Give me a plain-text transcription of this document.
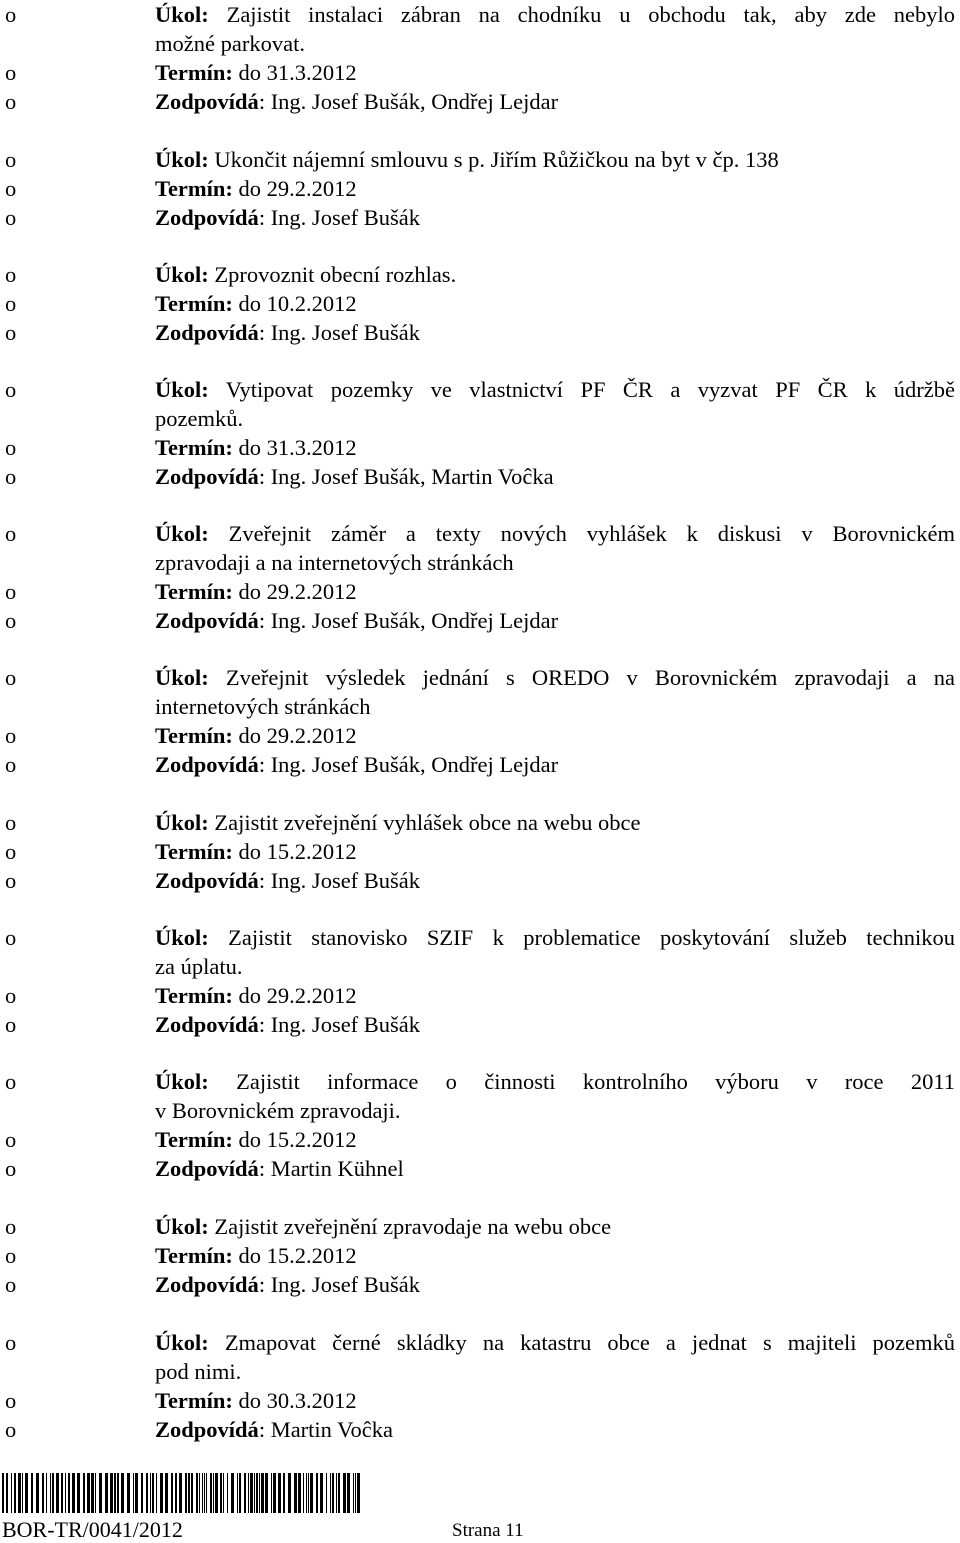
o	Úkol: Zajistit instalaci zábran na chodníku u obchodu tak, aby zde nebylo
možné parkovat.
o	Termín: do 31.3.2012
o	Zodpovídá: Ing. Josef Bušák, Ondřej Lejdar
o	Úkol: Ukončit nájemní smlouvu s p. Jiřím Růžičkou na byt v čp. 138
o	Termín: do 29.2.2012
o	Zodpovídá: Ing. Josef Bušák
o	Úkol: Zprovoznit obecní rozhlas.
o	Termín: do 10.2.2012
o	Zodpovídá: Ing. Josef Bušák
o	Úkol: Vytipovat pozemky ve vlastnictví PF ČR a vyzvat PF ČR k údržbě
pozemků.
o	Termín: do 31.3.2012
o	Zodpovídá: Ing. Josef Bušák, Martin Voĉka
o	Úkol: Zveřejnit záměr a texty nových vyhlášek k diskusi v Borovnickém
zpravodaji a na internetových stránkách
o	Termín: do 29.2.2012
o	Zodpovídá: Ing. Josef Bušák, Ondřej Lejdar
o	Úkol: Zveřejnit výsledek jednání s OREDO v Borovnickém zpravodaji a na
internetových stránkách
o	Termín: do 29.2.2012
o	Zodpovídá: Ing. Josef Bušák, Ondřej Lejdar
o	Úkol: Zajistit zveřejnění vyhlášek obce na webu obce
o	Termín: do 15.2.2012
o	Zodpovídá: Ing. Josef Bušák
o	Úkol: Zajistit stanovisko SZIF k problematice poskytování služeb technikou
za úplatu.
o	Termín: do 29.2.2012
o	Zodpovídá: Ing. Josef Bušák
o	Úkol: Zajistit informace o činnosti kontrolního výboru v roce 2011
v Borovnickém zpravodaji.
o	Termín: do 15.2.2012
o	Zodpovídá: Martin Kühnel
o	Úkol: Zajistit zveřejnění zpravodaje na webu obce
o	Termín: do 15.2.2012
o	Zodpovídá: Ing. Josef Bušák
o	Úkol: Zmapovat černé skládky na katastru obce a jednat s majiteli pozemků
pod nimi.
o	Termín: do 30.3.2012
o	Zodpovídá: Martin Voĉka
BOR-TR/0041/2012	Strana 11
